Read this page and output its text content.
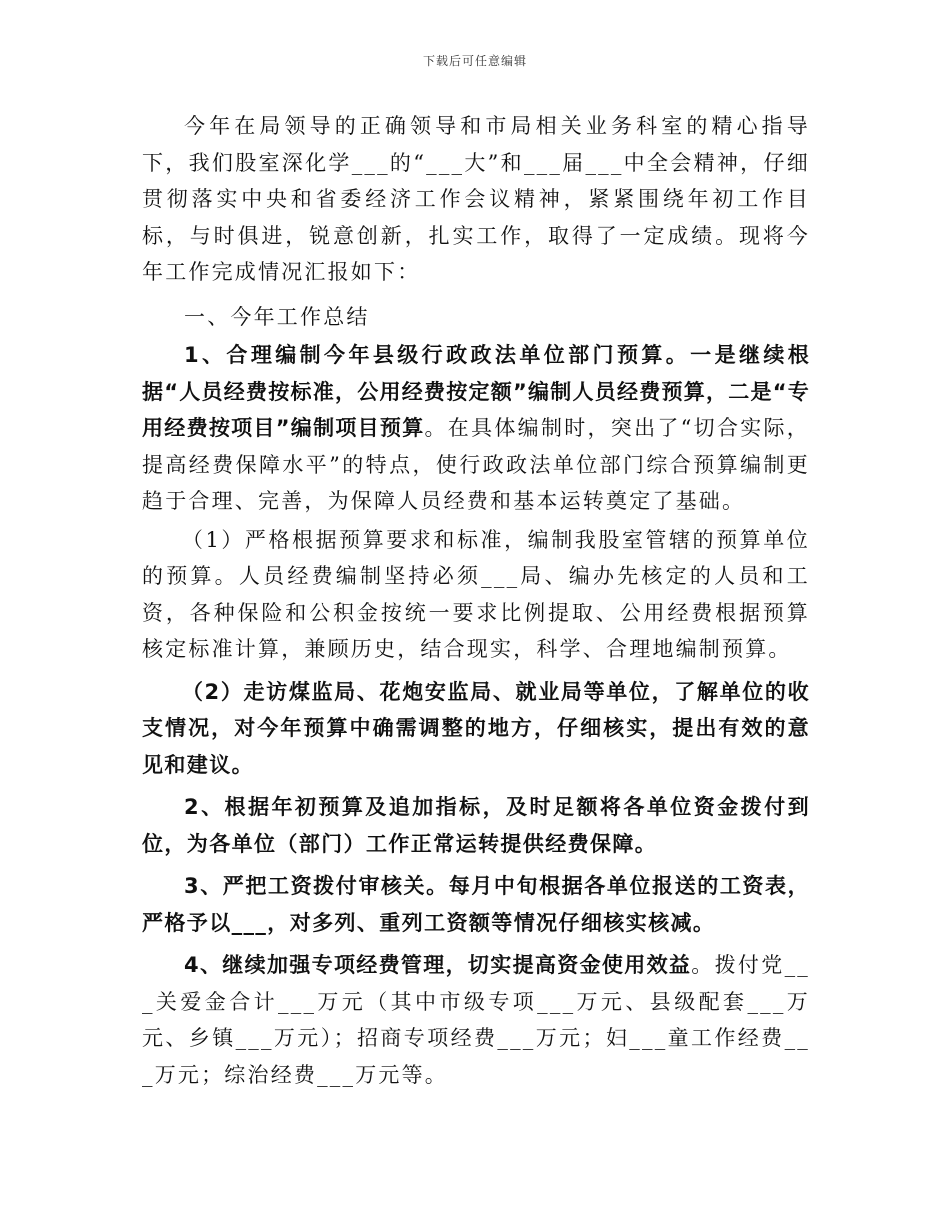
下载后可任意编辑

今年在局领导的正确领导和市局相关业务科室的精心指导下，我们股室深化学___的“___大”和___届___中全会精神，仔细贯彻落实中央和省委经济工作会议精神，紧紧围绕年初工作目标，与时俱进，锐意创新，扎实工作，取得了一定成绩。现将今年工作完成情况汇报如下：

一、今年工作总结

1、合理编制今年县级行政政法单位部门预算。一是继续根据“人员经费按标准，公用经费按定额”编制人员经费预算，二是“专用经费按项目”编制项目预算。在具体编制时，突出了“切合实际，提高经费保障水平”的特点，使行政政法单位部门综合预算编制更趋于合理、完善，为保障人员经费和基本运转奠定了基础。

（1）严格根据预算要求和标准，编制我股室管辖的预算单位的预算。人员经费编制坚持必须___局、编办先核定的人员和工资，各种保险和公积金按统一要求比例提取、公用经费根据预算核定标准计算，兼顾历史，结合现实，科学、合理地编制预算。

（2）走访煤监局、花炮安监局、就业局等单位，了解单位的收支情况，对今年预算中确需调整的地方，仔细核实，提出有效的意见和建议。

2、根据年初预算及追加指标，及时足额将各单位资金拨付到位，为各单位（部门）工作正常运转提供经费保障。

3、严把工资拨付审核关。每月中旬根据各单位报送的工资表，严格予以___，对多列、重列工资额等情况仔细核实核减。

4、继续加强专项经费管理，切实提高资金使用效益。拨付党___关爱金合计___万元（其中市级专项___万元、县级配套___万元、乡镇___万元）；招商专项经费___万元；妇___童工作经费___万元；综治经费___万元等。
